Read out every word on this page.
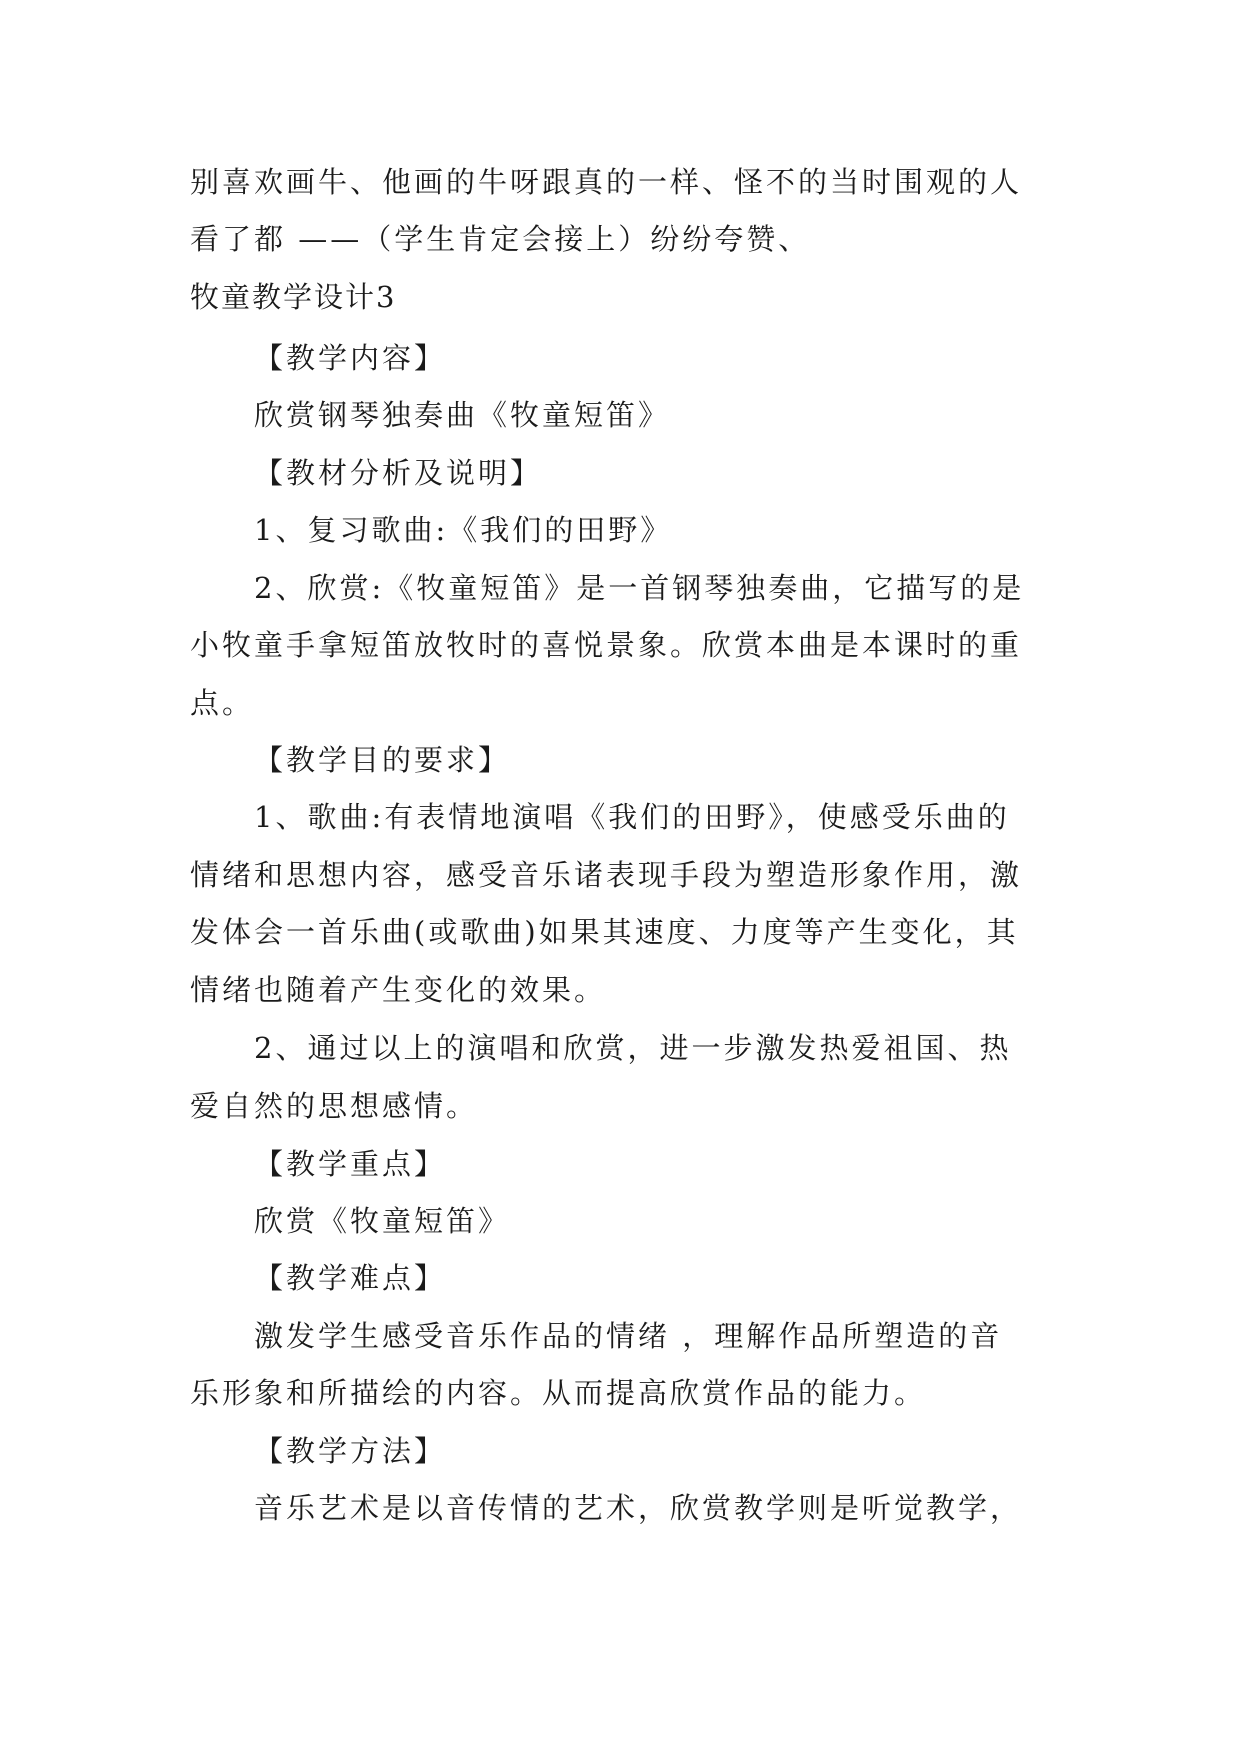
别喜欢画牛、他画的牛呀跟真的一样、怪不的当时围观的人
看了都 ——（学生肯定会接上）纷纷夸赞、
牧童教学设计3
【教学内容】
欣赏钢琴独奏曲《牧童短笛》
【教材分析及说明】
1、复习歌曲:《我们的田野》
2、欣赏:《牧童短笛》是一首钢琴独奏曲，它描写的是
小牧童手拿短笛放牧时的喜悦景象。欣赏本曲是本课时的重
点。
【教学目的要求】
1、歌曲:有表情地演唱《我们的田野》，使感受乐曲的
情绪和思想内容，感受音乐诸表现手段为塑造形象作用，激
发体会一首乐曲(或歌曲)如果其速度、力度等产生变化，其
情绪也随着产生变化的效果。
2、通过以上的演唱和欣赏，进一步激发热爱祖国、热
爱自然的思想感情。
【教学重点】
欣赏《牧童短笛》
【教学难点】
激发学生感受音乐作品的情绪 ，理解作品所塑造的音
乐形象和所描绘的内容。从而提高欣赏作品的能力。
【教学方法】
音乐艺术是以音传情的艺术，欣赏教学则是听觉教学，
